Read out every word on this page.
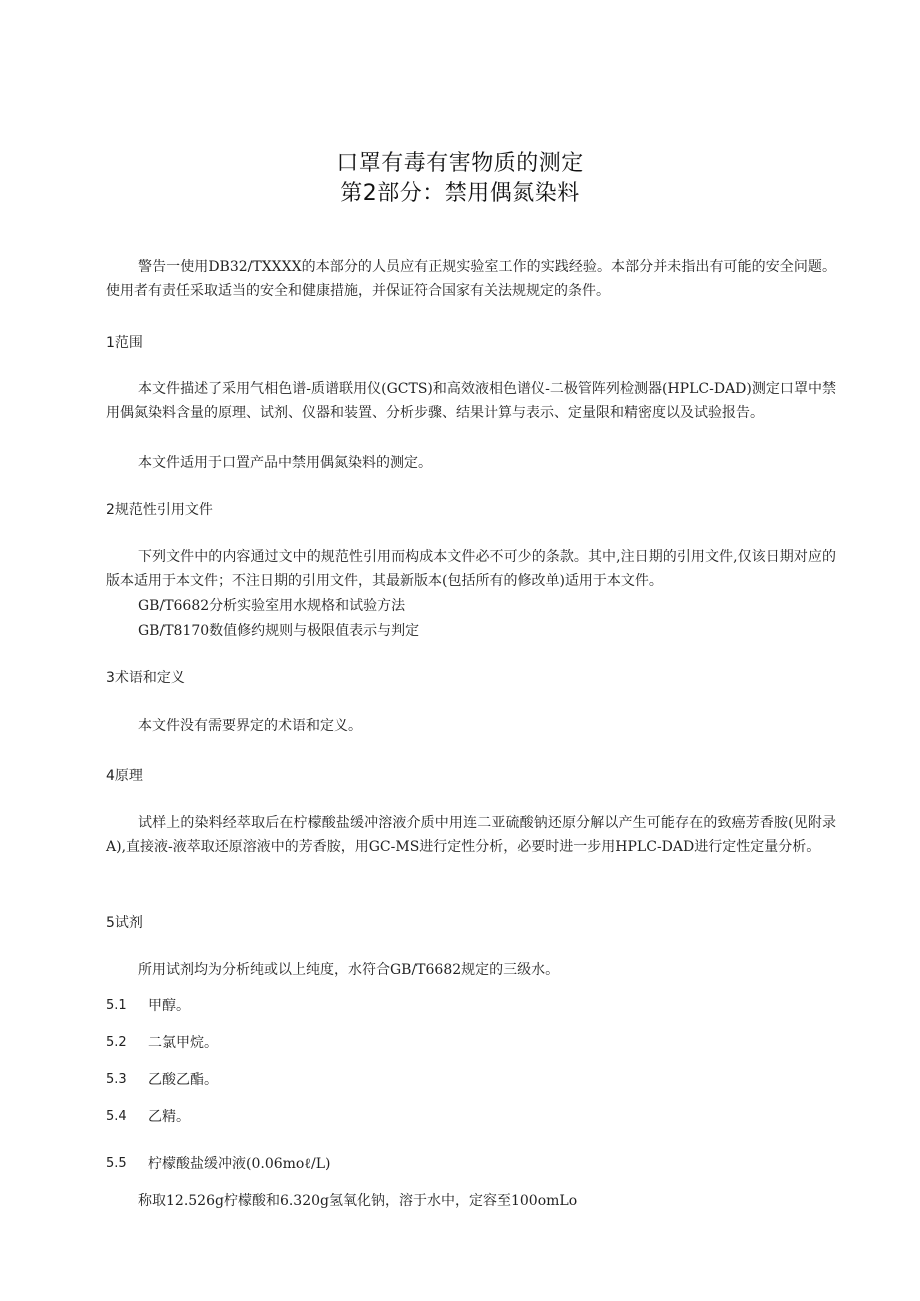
口罩有毒有害物质的测定
第2部分：禁用偶氮染料
警告一使用DB32/TXXXX的本部分的人员应有正规实验室工作的实践经验。本部分并未指出有可能的安全问题。使用者有责任采取适当的安全和健康措施，并保证符合国家有关法规规定的条件。
1范围
本文件描述了采用气相色谱-质谱联用仪(GCTS)和高效液相色谱仪-二极管阵列检测器(HPLC-DAD)测定口罩中禁用偶氮染料含量的原理、试剂、仪器和装置、分析步骤、结果计算与表示、定量限和精密度以及试验报告。
本文件适用于口置产品中禁用偶氮染料的测定。
2规范性引用文件
下列文件中的内容通过文中的规范性引用而构成本文件必不可少的条款。其中,注日期的引用文件,仅该日期对应的版本适用于本文件；不注日期的引用文件，其最新版本(包括所有的修改单)适用于本文件。
GB/T6682分析实验室用水规格和试验方法
GB/T8170数值修约规则与极限值表示与判定
3术语和定义
本文件没有需要界定的术语和定义。
4原理
试样上的染料经萃取后在柠檬酸盐缓冲溶液介质中用连二亚硫酸钠还原分解以产生可能存在的致癌芳香胺(见附录A),直接液-液萃取还原溶液中的芳香胺，用GC-MS进行定性分析，必要时进一步用HPLC-DAD进行定性定量分析。
5试剂
所用试剂均为分析纯或以上纯度，水符合GB/T6682规定的三级水。
5.1 甲醇。
5.2 二氯甲烷。
5.3 乙酸乙酯。
5.4 乙精。
5.5 柠檬酸盐缓冲液(0.06moℓ/L)
称取12.526g柠檬酸和6.320g氢氧化钠，溶于水中，定容至100omLo
